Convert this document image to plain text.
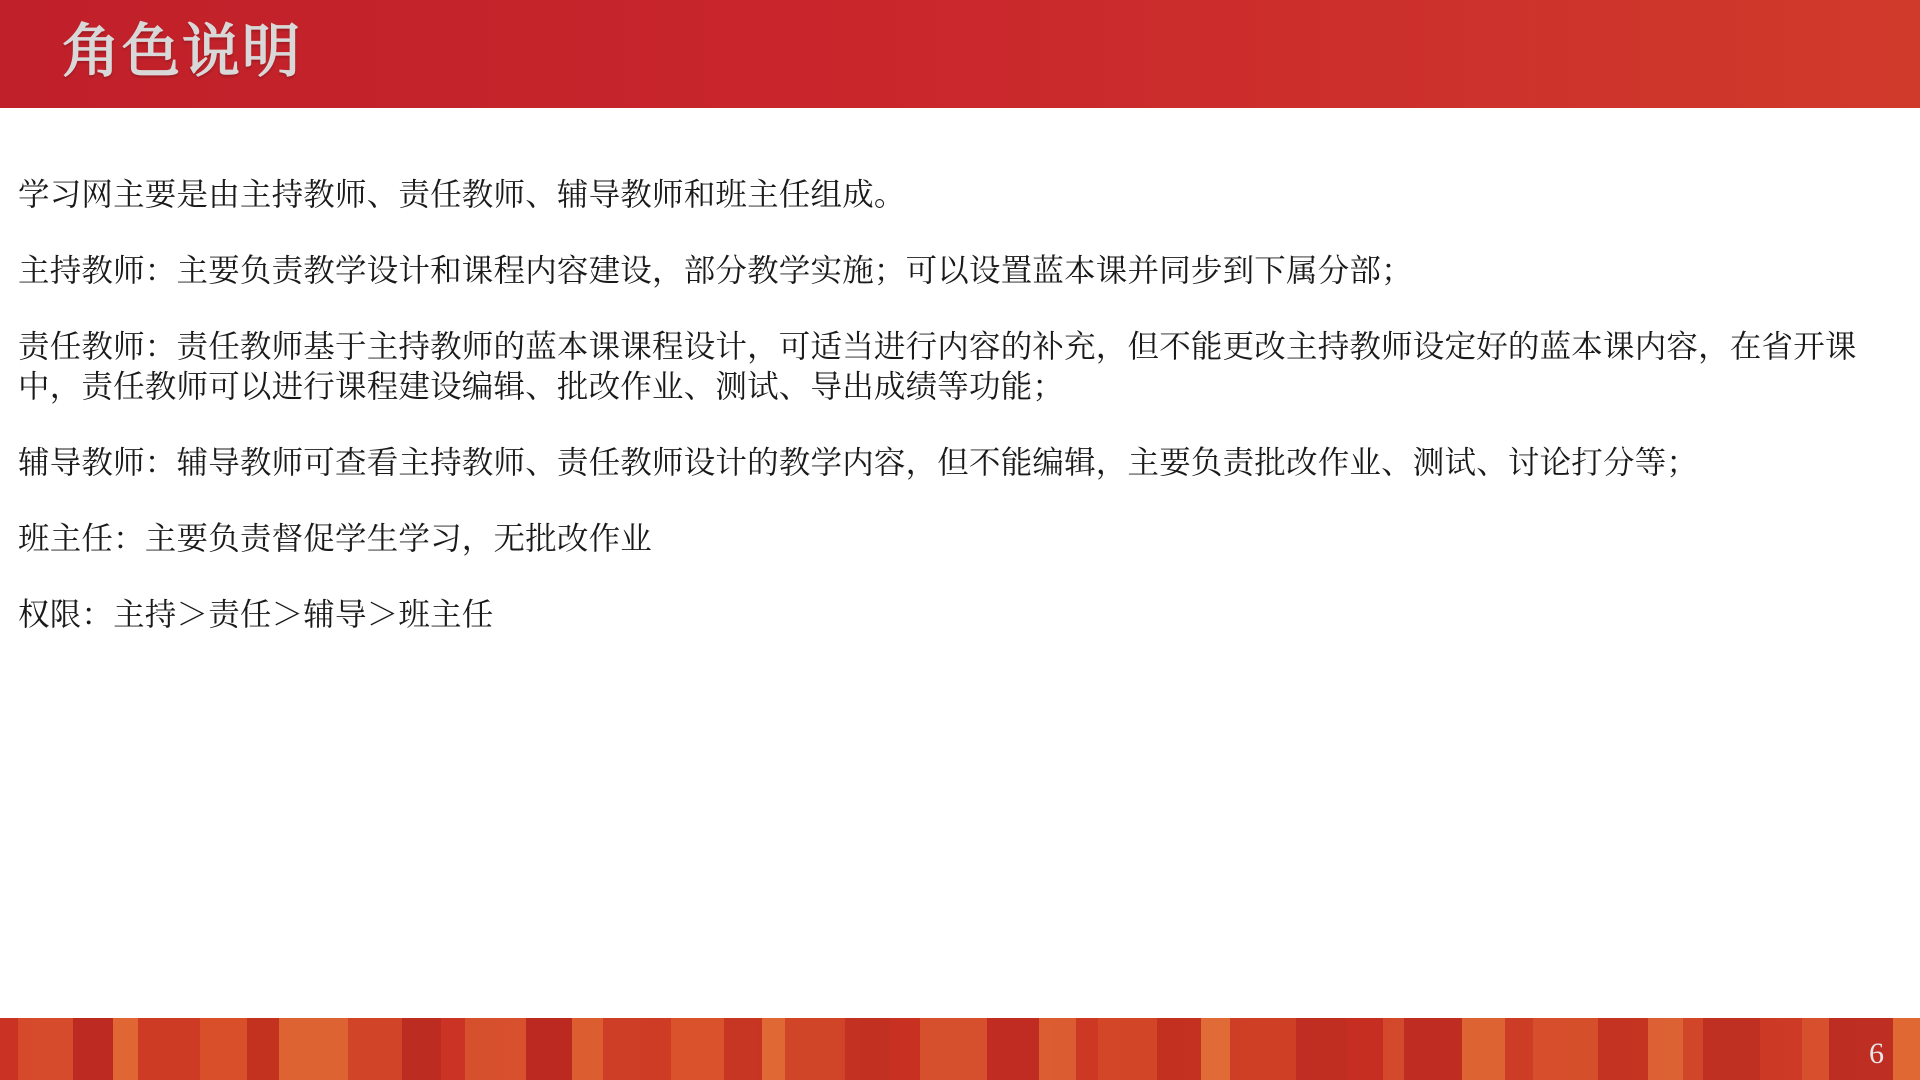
角色说明

学习网主要是由主持教师、责任教师、辅导教师和班主任组成。

主持教师：主要负责教学设计和课程内容建设，部分教学实施；可以设置蓝本课并同步到下属分部；

责任教师：责任教师基于主持教师的蓝本课课程设计，可适当进行内容的补充，但不能更改主持教师设定好的蓝本课内容，在省开课中，责任教师可以进行课程建设编辑、批改作业、测试、导出成绩等功能；

辅导教师：辅导教师可查看主持教师、责任教师设计的教学内容，但不能编辑，主要负责批改作业、测试、讨论打分等；

班主任：主要负责督促学生学习，无批改作业

权限：主持＞责任＞辅导＞班主任

6
